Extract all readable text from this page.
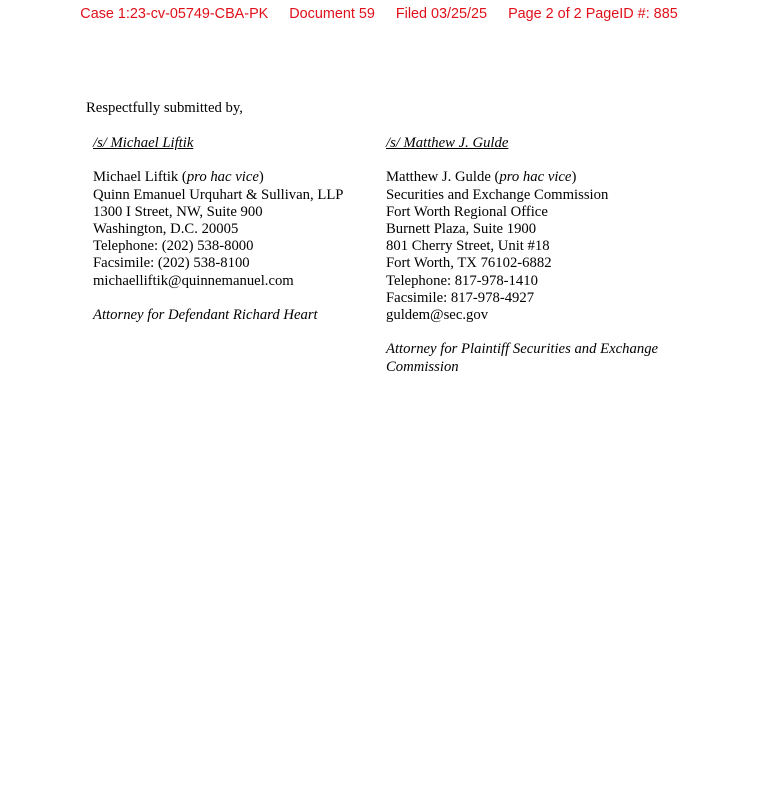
Case 1:23-cv-05749-CBA-PK Document 59 Filed 03/25/25 Page 2 of 2 PageID #: 885
Respectfully submitted by,
/s/ Michael Liftik
Michael Liftik (pro hac vice)
Quinn Emanuel Urquhart & Sullivan, LLP
1300 I Street, NW, Suite 900
Washington, D.C. 20005
Telephone: (202) 538-8000
Facsimile: (202) 538-8100
michaelliftik@quinnemanuel.com
Attorney for Defendant Richard Heart
/s/ Matthew J. Gulde
Matthew J. Gulde (pro hac vice)
Securities and Exchange Commission
Fort Worth Regional Office
Burnett Plaza, Suite 1900
801 Cherry Street, Unit #18
Fort Worth, TX 76102-6882
Telephone: 817-978-1410
Facsimile: 817-978-4927
guldem@sec.gov
Attorney for Plaintiff Securities and Exchange
Commission
